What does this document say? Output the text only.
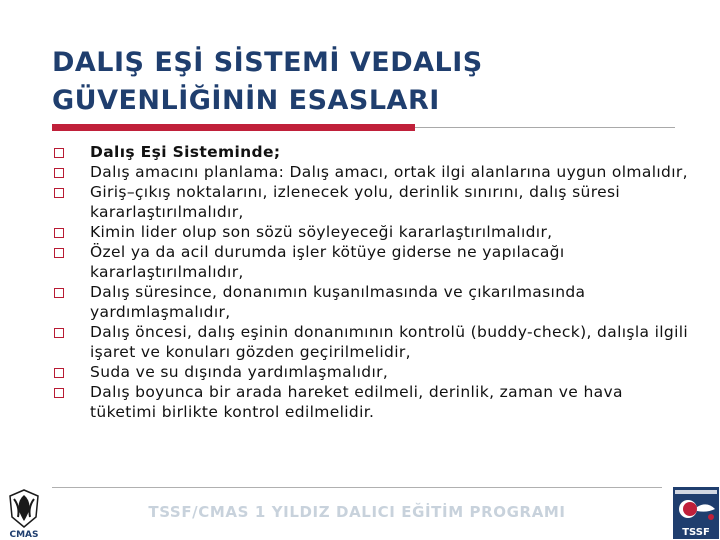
DALIŞ EŞİ SİSTEMİ VEDALIŞ
GÜVENLİĞİNİN ESASLARI
Dalış Eşi Sisteminde;
Dalış amacını planlama: Dalış amacı, ortak ilgi alanlarına uygun olmalıdır,
Giriş–çıkış noktalarını, izlenecek yolu, derinlik sınırını, dalış süresi kararlaştırılmalıdır,
Kimin lider olup son sözü söyleyeceği kararlaştırılmalıdır,
Özel ya da acil durumda işler kötüye giderse ne yapılacağı kararlaştırılmalıdır,
Dalış süresince, donanımın kuşanılmasında ve çıkarılmasında yardımlaşmalıdır,
Dalış öncesi, dalış eşinin donanımının kontrolü (buddy-check), dalışla ilgili işaret ve konuları gözden geçirilmelidir,
Suda ve su dışında yardımlaşmalıdır,
Dalış boyunca bir arada hareket edilmeli, derinlik, zaman ve hava tüketimi birlikte kontrol edilmelidir.
TSSF/CMAS 1 YILDIZ DALICI EĞİTİM PROGRAMI
CMAS	TSSF
